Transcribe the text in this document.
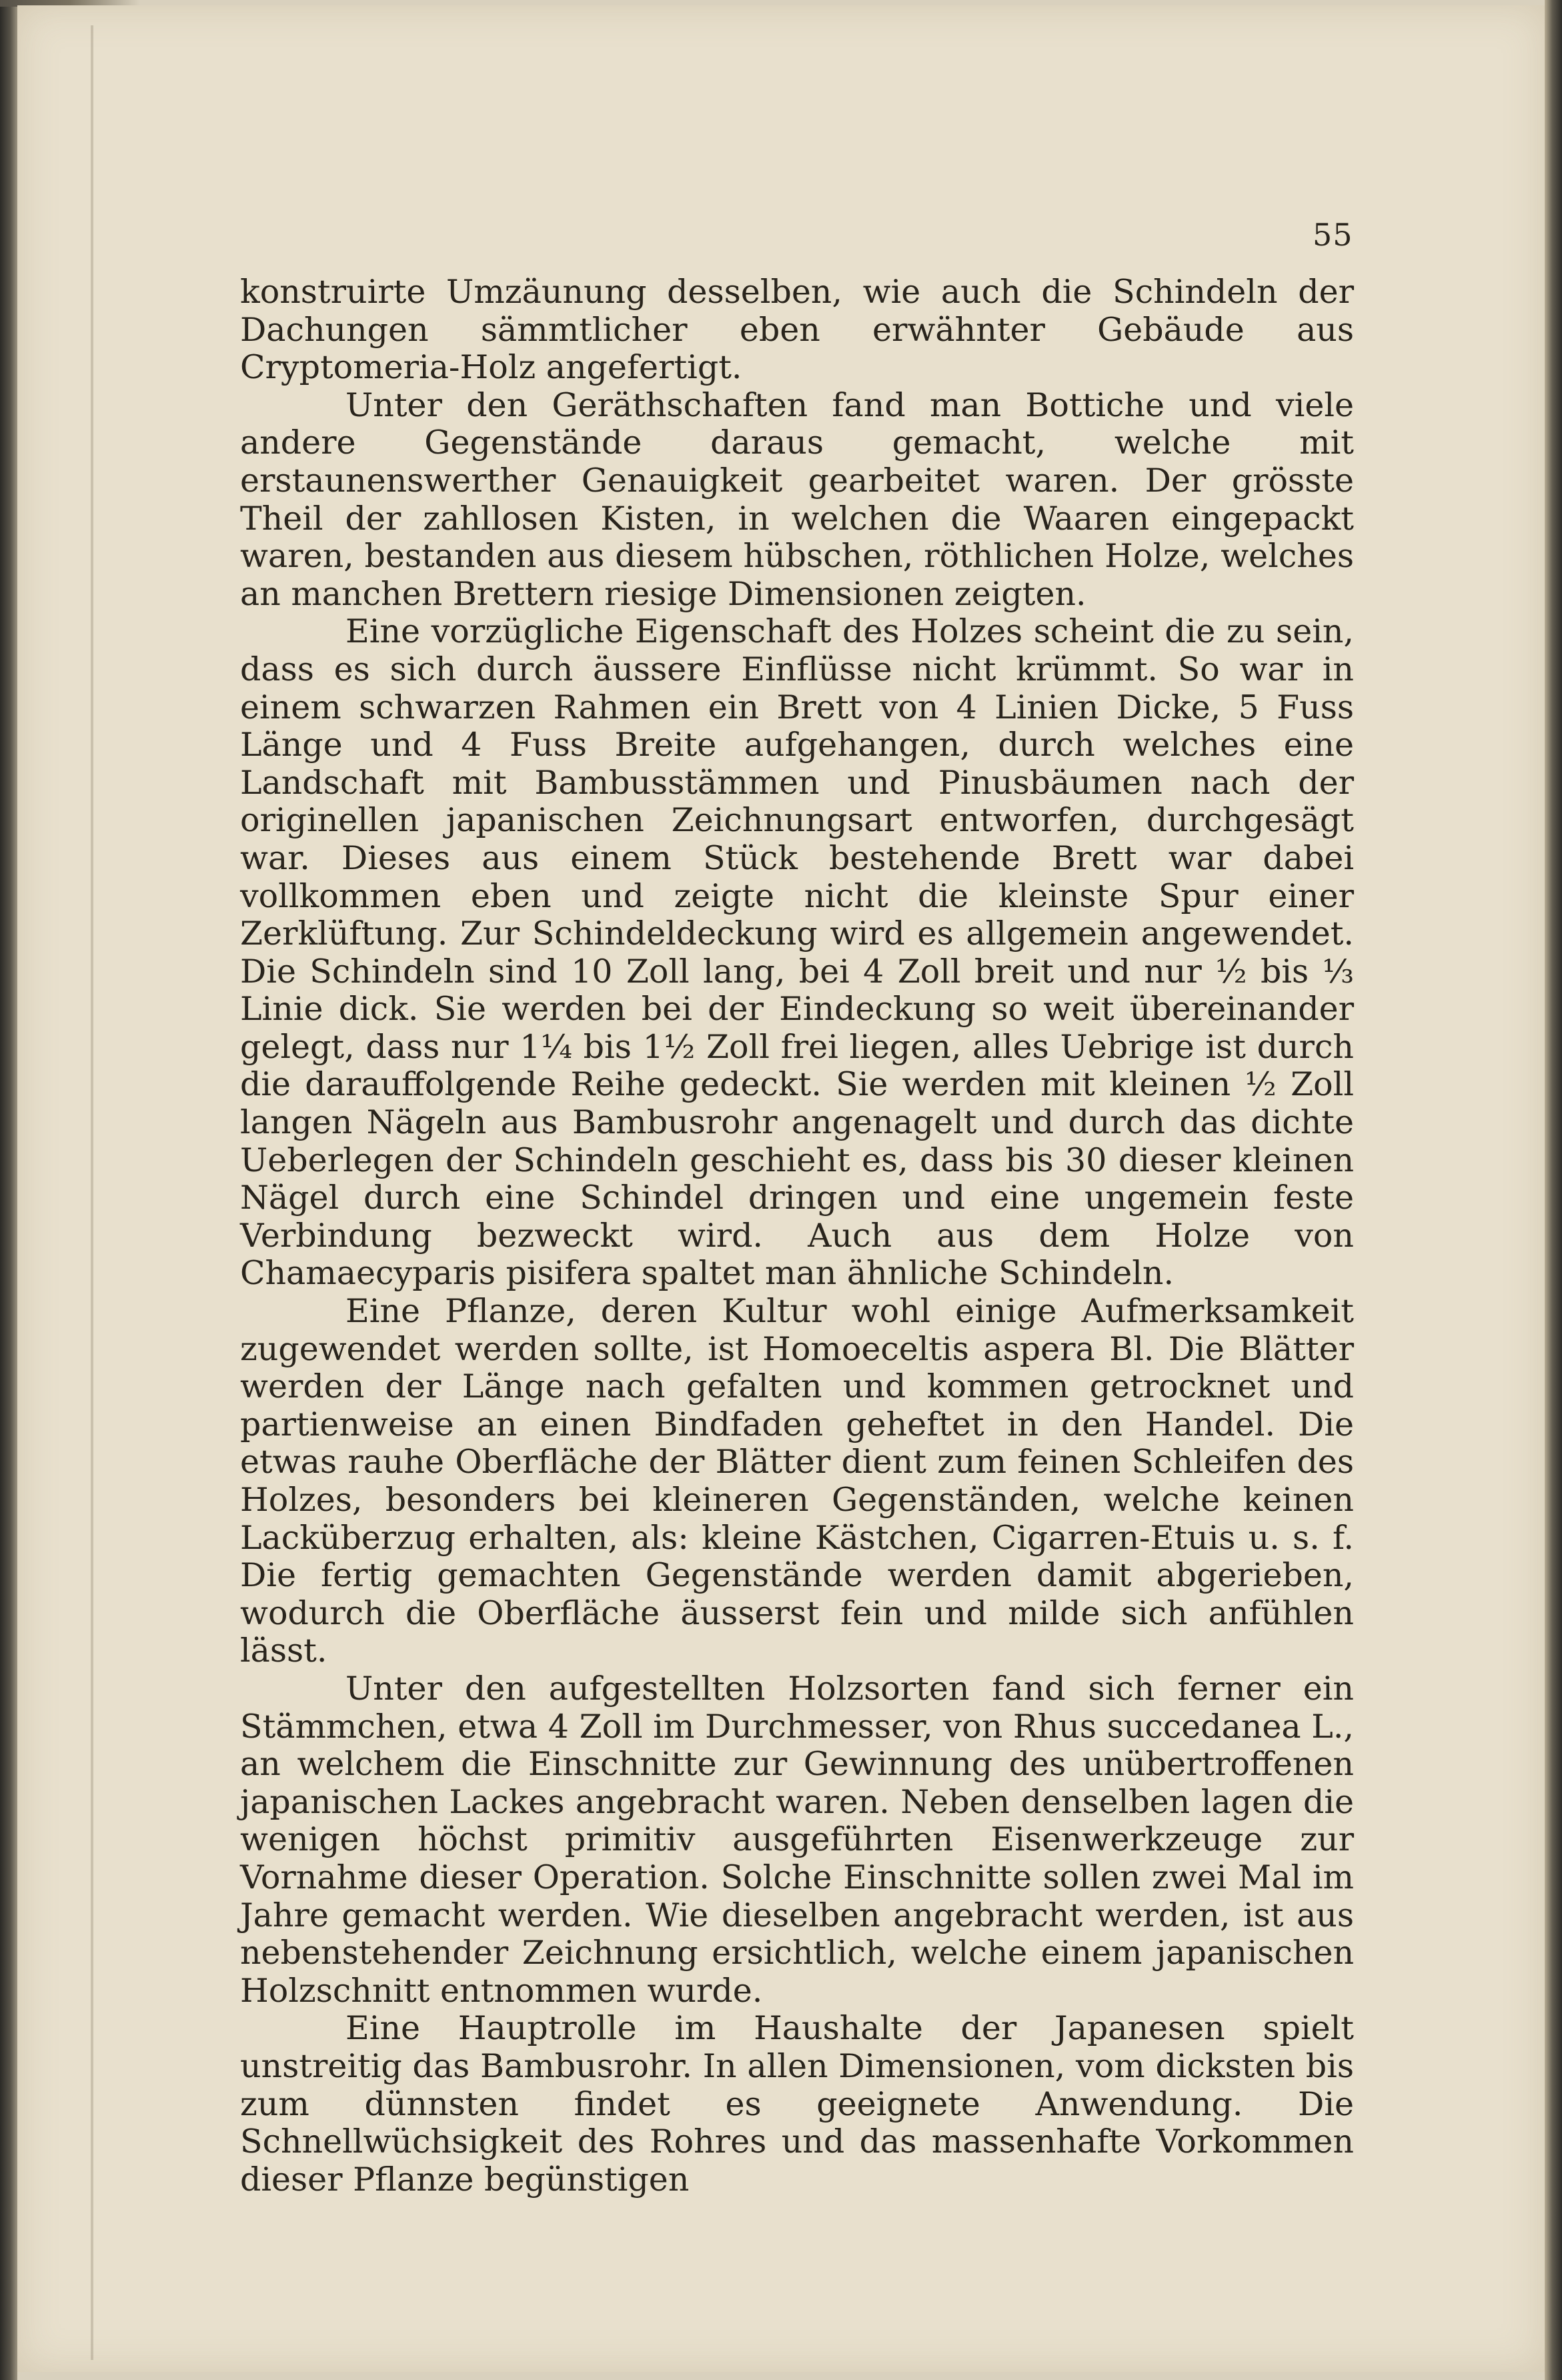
55

konstruirte Umzäunung desselben, wie auch die Schindeln der Dachungen sämmtlicher eben erwähnter Gebäude aus Cryptomeria-Holz angefertigt.

Unter den Geräthschaften fand man Bottiche und viele andere Gegenstände daraus gemacht, welche mit erstaunenswerther Genauigkeit gearbeitet waren. Der grösste Theil der zahllosen Kisten, in welchen die Waaren eingepackt waren, bestanden aus diesem hübschen, röthlichen Holze, welches an manchen Brettern riesige Dimensionen zeigten.

Eine vorzügliche Eigenschaft des Holzes scheint die zu sein, dass es sich durch äussere Einflüsse nicht krümmt. So war in einem schwarzen Rahmen ein Brett von 4 Linien Dicke, 5 Fuss Länge und 4 Fuss Breite aufgehangen, durch welches eine Landschaft mit Bambusstämmen und Pinusbäumen nach der originellen japanischen Zeichnungsart entworfen, durchgesägt war. Dieses aus einem Stück bestehende Brett war dabei vollkommen eben und zeigte nicht die kleinste Spur einer Zerklüftung. Zur Schindeldeckung wird es allgemein angewendet. Die Schindeln sind 10 Zoll lang, bei 4 Zoll breit und nur ½ bis ⅓ Linie dick. Sie werden bei der Eindeckung so weit übereinander gelegt, dass nur 1¼ bis 1½ Zoll frei liegen, alles Uebrige ist durch die darauffolgende Reihe gedeckt. Sie werden mit kleinen ½ Zoll langen Nägeln aus Bambusrohr angenagelt und durch das dichte Ueberlegen der Schindeln geschieht es, dass bis 30 dieser kleinen Nägel durch eine Schindel dringen und eine ungemein feste Verbindung bezweckt wird. Auch aus dem Holze von Chamaecyparis pisifera spaltet man ähnliche Schindeln.

Eine Pflanze, deren Kultur wohl einige Aufmerksamkeit zugewendet werden sollte, ist Homoeceltis aspera Bl. Die Blätter werden der Länge nach gefalten und kommen getrocknet und partienweise an einen Bindfaden geheftet in den Handel. Die etwas rauhe Oberfläche der Blätter dient zum feinen Schleifen des Holzes, besonders bei kleineren Gegenständen, welche keinen Lacküberzug erhalten, als: kleine Kästchen, Cigarren-Etuis u. s. f. Die fertig gemachten Gegenstände werden damit abgerieben, wodurch die Oberfläche äusserst fein und milde sich anfühlen lässt.

Unter den aufgestellten Holzsorten fand sich ferner ein Stämmchen, etwa 4 Zoll im Durchmesser, von Rhus succedanea L., an welchem die Einschnitte zur Gewinnung des unübertroffenen japanischen Lackes angebracht waren. Neben denselben lagen die wenigen höchst primitiv ausgeführten Eisenwerkzeuge zur Vornahme dieser Operation. Solche Einschnitte sollen zwei Mal im Jahre gemacht werden. Wie dieselben angebracht werden, ist aus nebenstehender Zeichnung ersichtlich, welche einem japanischen Holzschnitt entnommen wurde.

Eine Hauptrolle im Haushalte der Japanesen spielt unstreitig das Bambusrohr. In allen Dimensionen, vom dicksten bis zum dünnsten findet es geeignete Anwendung. Die Schnellwüchsigkeit des Rohres und das massenhafte Vorkommen dieser Pflanze begünstigen
